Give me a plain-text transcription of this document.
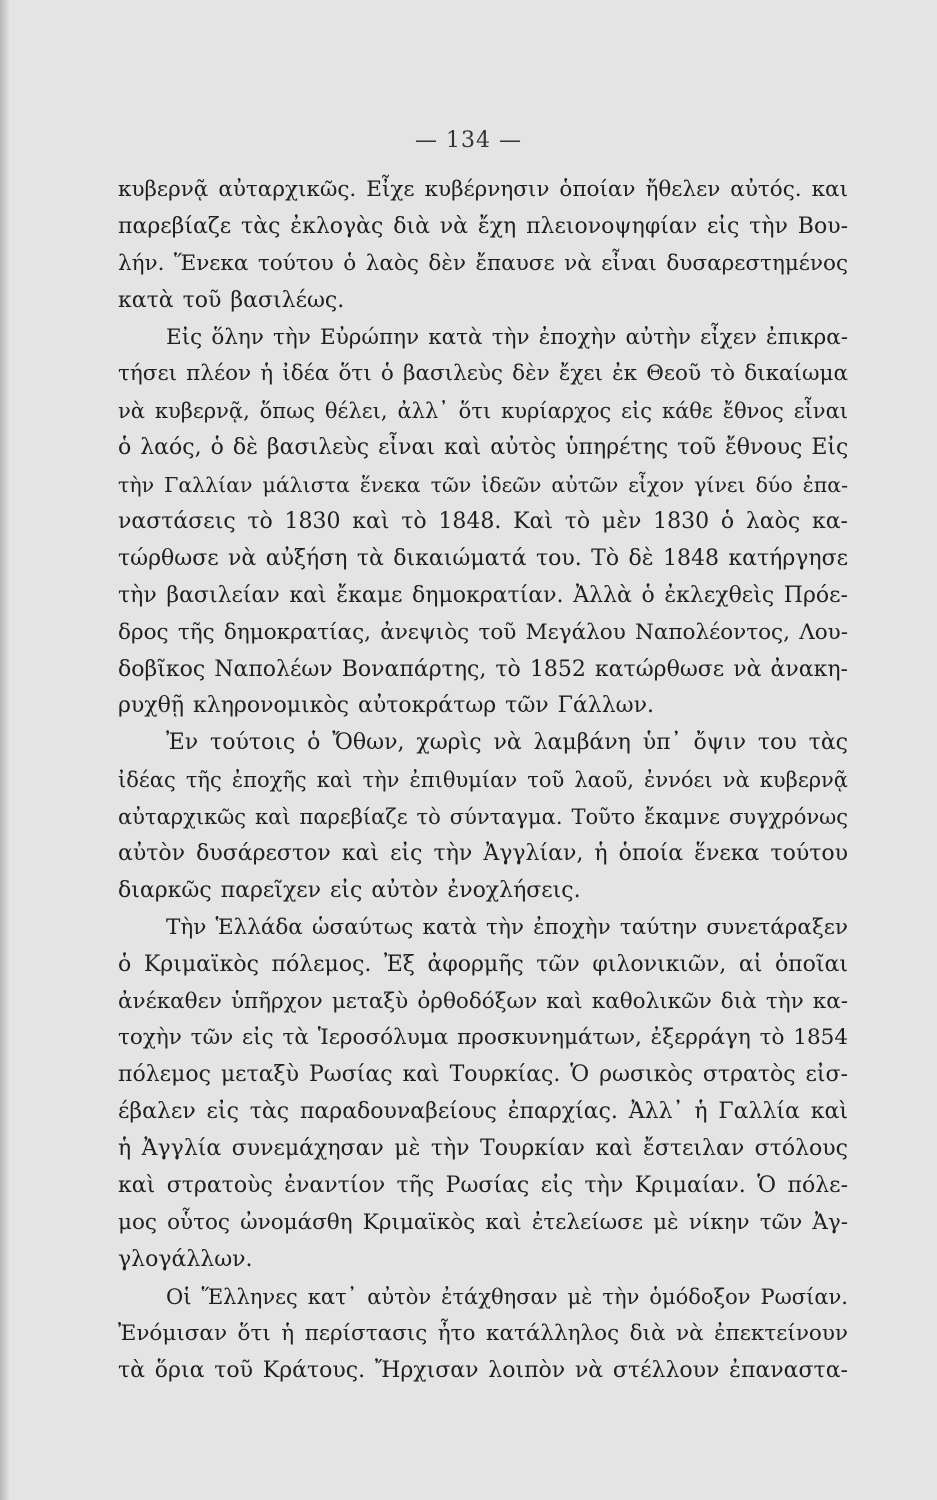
— 134 —
κυβερνᾷ αὐταρχικῶς. Εἶχε κυβέρνησιν ὁποίαν ἤθελεν αὐτός. και
παρεβίαζε τὰς ἐκλογὰς διὰ νὰ ἔχη πλειονοψηφίαν εἰς τὴν Βου-
λήν. Ἕνεκα τούτου ὁ λαὸς δὲν ἔπαυσε νὰ εἶναι δυσαρεστημένος
κατὰ τοῦ βασιλέως.
Εἰς ὅλην τὴν Εὐρώπην κατὰ τὴν ἐποχὴν αὐτὴν εἶχεν ἐπικρα-
τήσει πλέον ἡ ἰδέα ὅτι ὁ βασιλεὺς δὲν ἔχει ἐκ Θεοῦ τὸ δικαίωμα
νὰ κυβερνᾷ, ὅπως θέλει, ἀλλ᾽ ὅτι κυρίαρχος εἰς κάθε ἔθνος εἶναι
ὁ λαός, ὁ δὲ βασιλεὺς εἶναι καὶ αὐτὸς ὑπηρέτης τοῦ ἔθνους Εἰς
τὴν Γαλλίαν μάλιστα ἕνεκα τῶν ἰδεῶν αὐτῶν εἶχον γίνει δύο ἐπα-
ναστάσεις τὸ 1830 καὶ τὸ 1848. Καὶ τὸ μὲν 1830 ὁ λαὸς κα-
τώρθωσε νὰ αὐξήση τὰ δικαιώματά του. Τὸ δὲ 1848 κατήργησε
τὴν βασιλείαν καὶ ἔκαμε δημοκρατίαν. Ἀλλὰ ὁ ἐκλεχθεὶς Πρόε-
δρος τῆς δημοκρατίας, ἀνεψιὸς τοῦ Μεγάλου Ναπολέοντος, Λου-
δοβῖκος Ναπολέων Βοναπάρτης, τὸ 1852 κατώρθωσε νὰ ἀνακη-
ρυχθῇ κληρονομικὸς αὐτοκράτωρ τῶν Γάλλων.
Ἐν τούτοις ὁ Ὄθων, χωρὶς νὰ λαμβάνη ὑπ᾽ ὄψιν του τὰς
ἰδέας τῆς ἐποχῆς καὶ τὴν ἐπιθυμίαν τοῦ λαοῦ, ἐννόει νὰ κυβερνᾷ
αὐταρχικῶς καὶ παρεβίαζε τὸ σύνταγμα. Τοῦτο ἔκαμνε συγχρόνως
αὐτὸν δυσάρεστον καὶ εἰς τὴν Ἀγγλίαν, ἡ ὁποία ἕνεκα τούτου
διαρκῶς παρεῖχεν εἰς αὐτὸν ἐνοχλήσεις.
Τὴν Ἑλλάδα ὡσαύτως κατὰ τὴν ἐποχὴν ταύτην συνετάραξεν
ὁ Κριμαϊκὸς πόλεμος. Ἐξ ἀφορμῆς τῶν φιλονικιῶν, αἱ ὁποῖαι
ἀνέκαθεν ὑπῆρχον μεταξὺ ὀρθοδόξων καὶ καθολικῶν διὰ τὴν κα-
τοχὴν τῶν εἰς τὰ Ἱεροσόλυμα προσκυνημάτων, ἐξερράγη τὸ 1854
πόλεμος μεταξὺ Ρωσίας καὶ Τουρκίας. Ὁ ρωσικὸς στρατὸς εἰσ-
έβαλεν εἰς τὰς παραδουναβείους ἐπαρχίας. Ἀλλ᾽ ἡ Γαλλία καὶ
ἡ Ἀγγλία συνεμάχησαν μὲ τὴν Τουρκίαν καὶ ἔστειλαν στόλους
καὶ στρατοὺς ἐναντίον τῆς Ρωσίας εἰς τὴν Κριμαίαν. Ὁ πόλε-
μος οὗτος ὠνομάσθη Κριμαϊκὸς καὶ ἐτελείωσε μὲ νίκην τῶν Ἀγ-
γλογάλλων.
Οἱ Ἕλληνες κατ᾽ αὐτὸν ἐτάχθησαν μὲ τὴν ὁμόδοξον Ρωσίαν.
Ἐνόμισαν ὅτι ἡ περίστασις ἦτο κατάλληλος διὰ νὰ ἐπεκτείνουν
τὰ ὅρια τοῦ Κράτους. Ἤρχισαν λοιπὸν νὰ στέλλουν ἐπαναστα-
